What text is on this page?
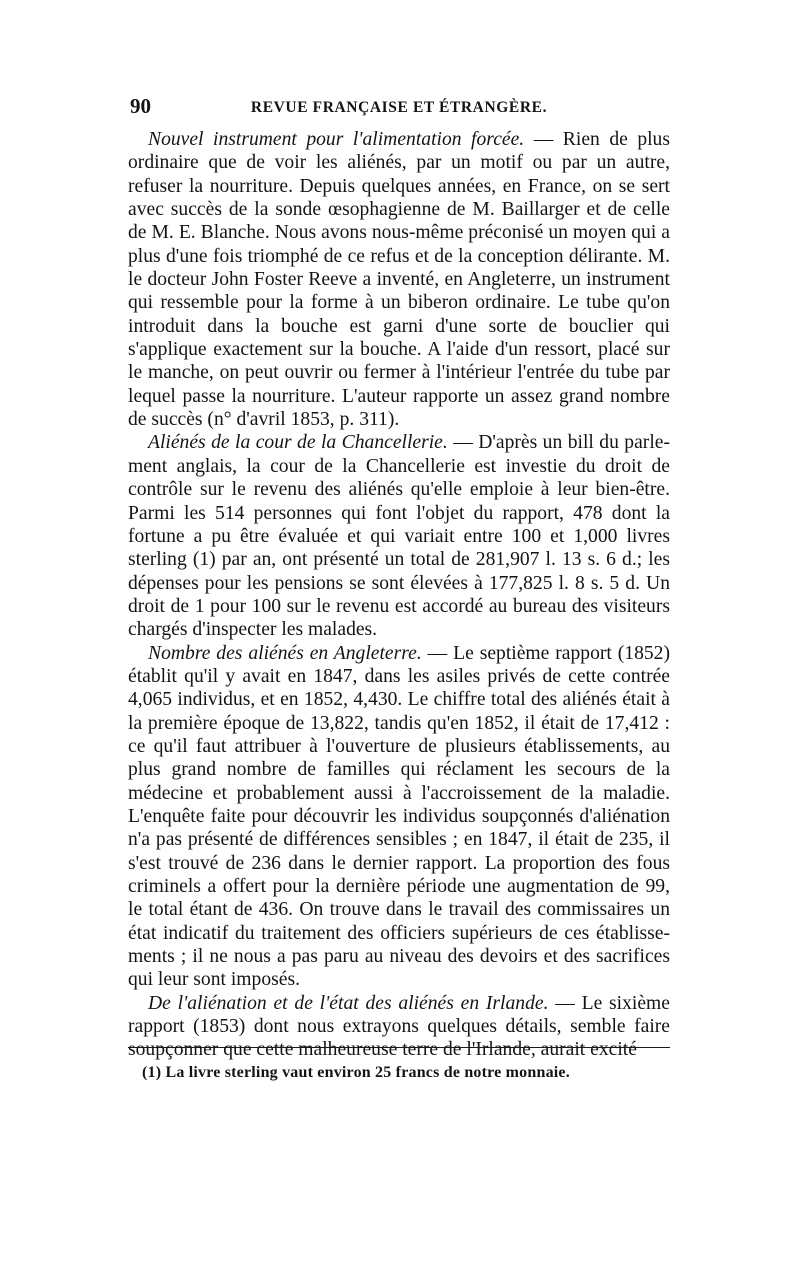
90	REVUE FRANÇAISE ET ÉTRANGÈRE.

Nouvel instrument pour l'alimentation forcée. — Rien de plus ordinaire que de voir les aliénés, par un motif ou par un autre, refuser la nourriture. Depuis quelques années, en France, on se sert avec succès de la sonde œsophagienne de M. Baillarger et de celle de M. E. Blanche. Nous avons nous-même préconisé un moyen qui a plus d'une fois triomphé de ce refus et de la conception délirante. M. le docteur John Foster Reeve a inventé, en Angleterre, un instrument qui ressemble pour la forme à un biberon ordinaire. Le tube qu'on introduit dans la bouche est garni d'une sorte de bouclier qui s'applique exactement sur la bouche. A l'aide d'un ressort, placé sur le manche, on peut ouvrir ou fermer à l'intérieur l'entrée du tube par lequel passe la nourriture. L'auteur rapporte un assez grand nombre de succès (n° d'avril 1853, p. 311).

Aliénés de la cour de la Chancellerie. — D'après un bill du parlement anglais, la cour de la Chancellerie est investie du droit de contrôle sur le revenu des aliénés qu'elle emploie à leur bien-être. Parmi les 514 personnes qui font l'objet du rapport, 478 dont la fortune a pu être évaluée et qui variait entre 100 et 1,000 livres sterling (1) par an, ont présenté un total de 281,907 l. 13 s. 6 d.; les dépenses pour les pensions se sont élevées à 177,825 l. 8 s. 5 d. Un droit de 1 pour 100 sur le revenu est accordé au bureau des visiteurs chargés d'inspecter les malades.

Nombre des aliénés en Angleterre. — Le septième rapport (1852) établit qu'il y avait en 1847, dans les asiles privés de cette contrée 4,065 individus, et en 1852, 4,430. Le chiffre total des aliénés était à la première époque de 13,822, tandis qu'en 1852, il était de 17,412 : ce qu'il faut attribuer à l'ouverture de plusieurs établissements, au plus grand nombre de familles qui réclament les secours de la médecine et probablement aussi à l'accroissement de la maladie. L'enquête faite pour découvrir les individus soupçonnés d'aliénation n'a pas présenté de différences sensibles ; en 1847, il était de 235, il s'est trouvé de 236 dans le dernier rapport. La proportion des fous criminels a offert pour la dernière période une augmentation de 99, le total étant de 436. On trouve dans le travail des commissaires un état indicatif du traitement des officiers supérieurs de ces établissements ; il ne nous a pas paru au niveau des devoirs et des sacrifices qui leur sont imposés.

De l'aliénation et de l'état des aliénés en Irlande. — Le sixième rapport (1853) dont nous extrayons quelques détails, semble faire soupçonner que cette malheureuse terre de l'Irlande, aurait excité

(1) La livre sterling vaut environ 25 francs de notre monnaie.
